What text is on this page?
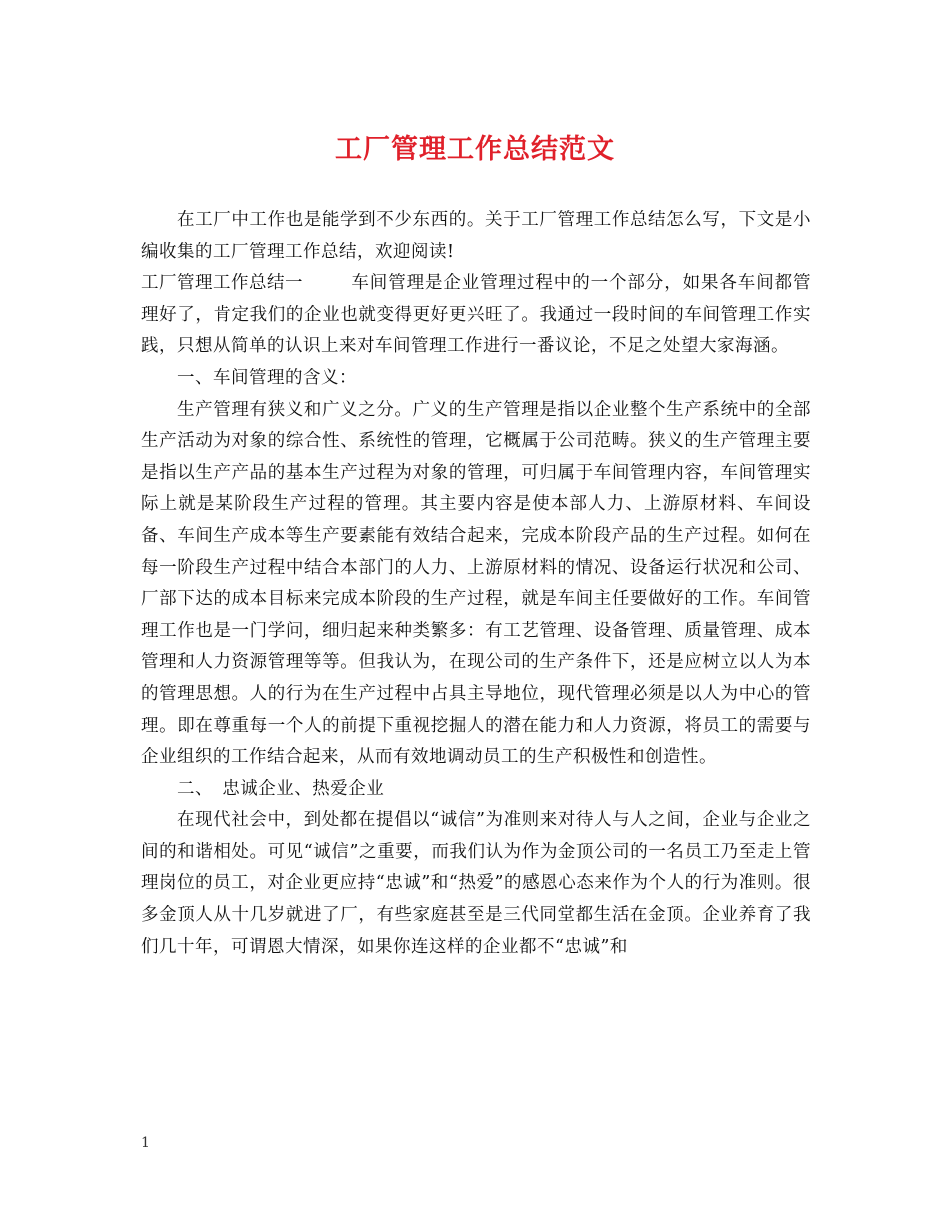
工厂管理工作总结范文

在工厂中工作也是能学到不少东西的。关于工厂管理工作总结怎么写，下文是小编收集的工厂管理工作总结，欢迎阅读!

工厂管理工作总结一	车间管理是企业管理过程中的一个部分，如果各车间都管理好了，肯定我们的企业也就变得更好更兴旺了。我通过一段时间的车间管理工作实践，只想从简单的认识上来对车间管理工作进行一番议论，不足之处望大家海涵。

一、车间管理的含义：

生产管理有狭义和广义之分。广义的生产管理是指以企业整个生产系统中的全部生产活动为对象的综合性、系统性的管理，它概属于公司范畴。狭义的生产管理主要是指以生产产品的基本生产过程为对象的管理，可归属于车间管理内容，车间管理实际上就是某阶段生产过程的管理。其主要内容是使本部人力、上游原材料、车间设备、车间生产成本等生产要素能有效结合起来，完成本阶段产品的生产过程。如何在每一阶段生产过程中结合本部门的人力、上游原材料的情况、设备运行状况和公司、厂部下达的成本目标来完成本阶段的生产过程，就是车间主任要做好的工作。车间管理工作也是一门学问，细归起来种类繁多：有工艺管理、设备管理、质量管理、成本管理和人力资源管理等等。但我认为，在现公司的生产条件下，还是应树立以人为本的管理思想。人的行为在生产过程中占具主导地位，现代管理必须是以人为中心的管理。即在尊重每一个人的前提下重视挖掘人的潜在能力和人力资源，将员工的需要与企业组织的工作结合起来，从而有效地调动员工的生产积极性和创造性。

二、　忠诚企业、热爱企业

在现代社会中，到处都在提倡以“诚信”为准则来对待人与人之间，企业与企业之间的和谐相处。可见“诚信”之重要，而我们认为作为金顶公司的一名员工乃至走上管理岗位的员工，对企业更应持“忠诚”和“热爱”的感恩心态来作为个人的行为准则。很多金顶人从十几岁就进了厂，有些家庭甚至是三代同堂都生活在金顶。企业养育了我们几十年，可谓恩大情深，如果你连这样的企业都不“忠诚”和

1
